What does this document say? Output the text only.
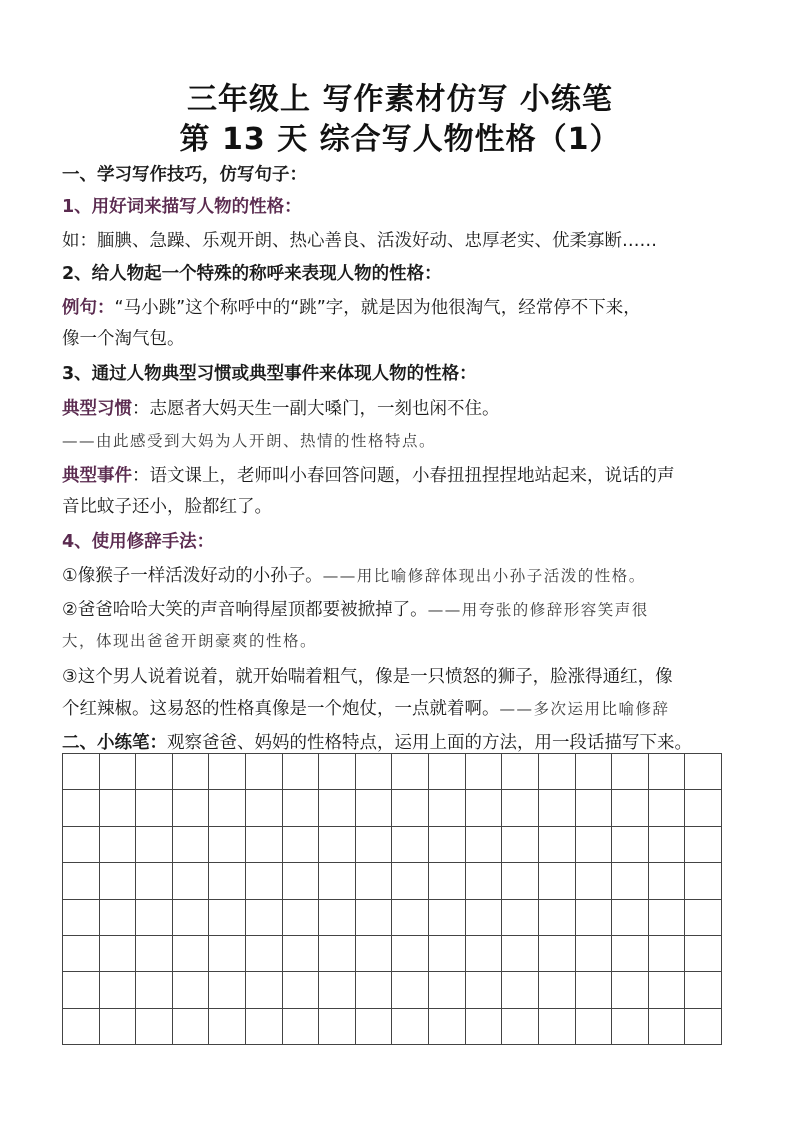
三年级上 写作素材仿写 小练笔
第 13 天 综合写人物性格（1）
一、学习写作技巧，仿写句子：
1、用好词来描写人物的性格：
如：腼腆、急躁、乐观开朗、热心善良、活泼好动、忠厚老实、优柔寡断……
2、给人物起一个特殊的称呼来表现人物的性格：
例句：“马小跳”这个称呼中的“跳”字，就是因为他很淘气，经常停不下来，
像一个淘气包。
3、通过人物典型习惯或典型事件来体现人物的性格：
典型习惯：志愿者大妈天生一副大嗓门，一刻也闲不住。
——由此感受到大妈为人开朗、热情的性格特点。
典型事件：语文课上，老师叫小春回答问题，小春扭扭捏捏地站起来，说话的声
音比蚊子还小，脸都红了。
4、使用修辞手法：
①像猴子一样活泼好动的小孙子。——用比喻修辞体现出小孙子活泼的性格。
②爸爸哈哈大笑的声音响得屋顶都要被掀掉了。——用夸张的修辞形容笑声很
大，体现出爸爸开朗豪爽的性格。
③这个男人说着说着，就开始喘着粗气，像是一只愤怒的狮子，脸涨得通红，像
个红辣椒。这易怒的性格真像是一个炮仗，一点就着啊。——多次运用比喻修辞
二、小练笔：观察爸爸、妈妈的性格特点，运用上面的方法，用一段话描写下来。
